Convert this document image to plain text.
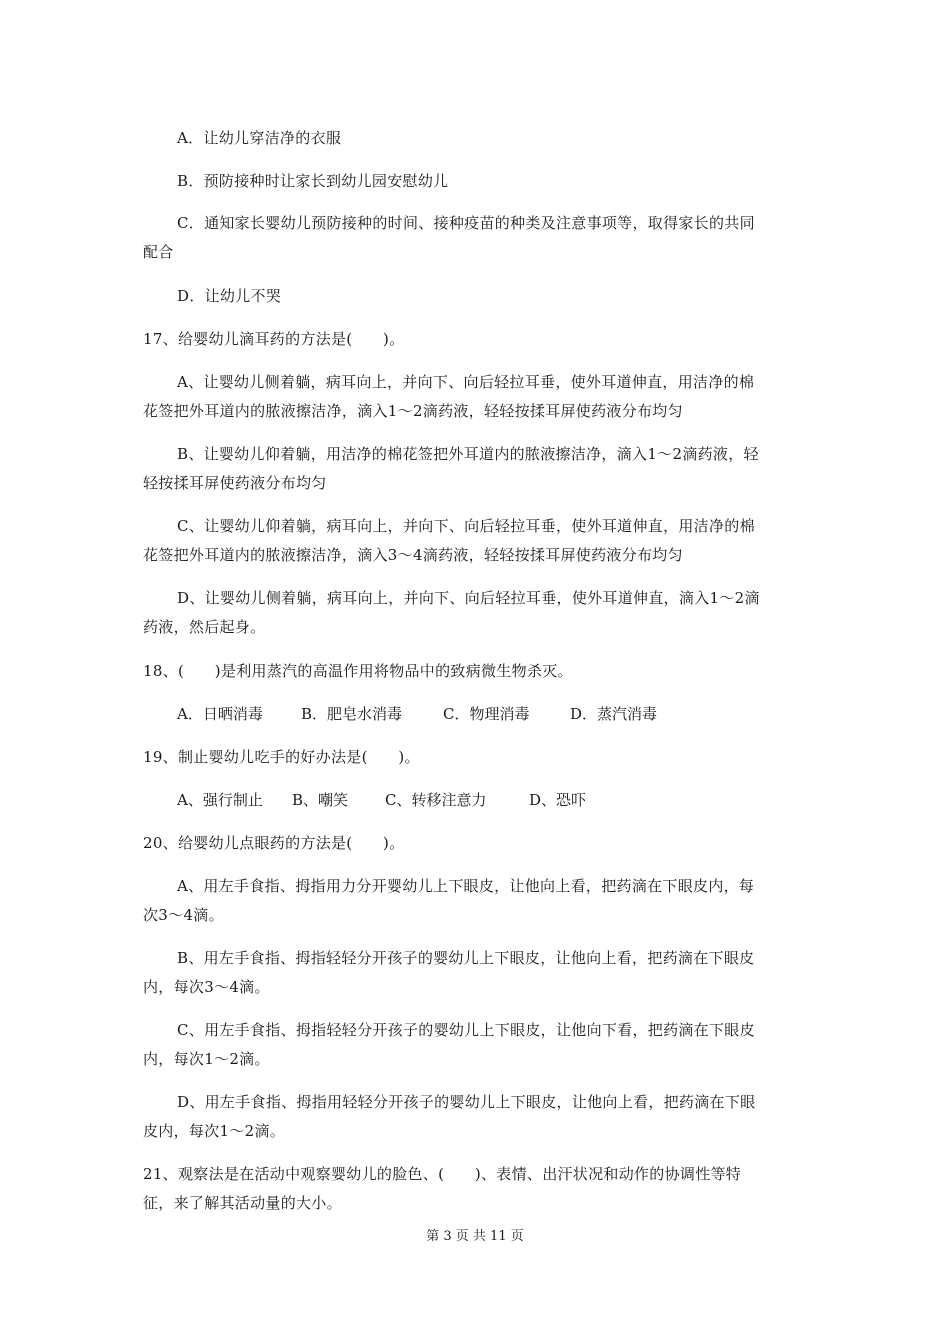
A．让幼儿穿洁净的衣服
B．预防接种时让家长到幼儿园安慰幼儿
C．通知家长婴幼儿预防接种的时间、接种疫苗的种类及注意事项等，取得家长的共同
配合
D．让幼儿不哭
17、给婴幼儿滴耳药的方法是(　　)。
A、让婴幼儿侧着躺，病耳向上，并向下、向后轻拉耳垂，使外耳道伸直，用洁净的棉
花签把外耳道内的脓液擦洁净，滴入1～2滴药液，轻轻按揉耳屏使药液分布均匀
B、让婴幼儿仰着躺，用洁净的棉花签把外耳道内的脓液擦洁净，滴入1～2滴药液，轻
轻按揉耳屏使药液分布均匀
C、让婴幼儿仰着躺，病耳向上，并向下、向后轻拉耳垂，使外耳道伸直，用洁净的棉
花签把外耳道内的脓液擦洁净，滴入3～4滴药液，轻轻按揉耳屏使药液分布均匀
D、让婴幼儿侧着躺，病耳向上，并向下、向后轻拉耳垂，使外耳道伸直，滴入1～2滴
药液，然后起身。
18、(　　)是利用蒸汽的高温作用将物品中的致病微生物杀灭。
A．日晒消毒	B．肥皂水消毒	C．物理消毒	D．蒸汽消毒
19、制止婴幼儿吃手的好办法是(　　)。
A、强行制止 B、嘲笑 C、转移注意力	D、恐吓
20、给婴幼儿点眼药的方法是(　　)。
A、用左手食指、拇指用力分开婴幼儿上下眼皮，让他向上看，把药滴在下眼皮内，每
次3～4滴。
B、用左手食指、拇指轻轻分开孩子的婴幼儿上下眼皮，让他向上看，把药滴在下眼皮
内，每次3～4滴。
C、用左手食指、拇指轻轻分开孩子的婴幼儿上下眼皮，让他向下看，把药滴在下眼皮
内，每次1～2滴。
D、用左手食指、拇指用轻轻分开孩子的婴幼儿上下眼皮，让他向上看，把药滴在下眼
皮内，每次1～2滴。
21、观察法是在活动中观察婴幼儿的脸色、(　　)、表情、出汗状况和动作的协调性等特
征，来了解其活动量的大小。
第 3 页 共 11 页
